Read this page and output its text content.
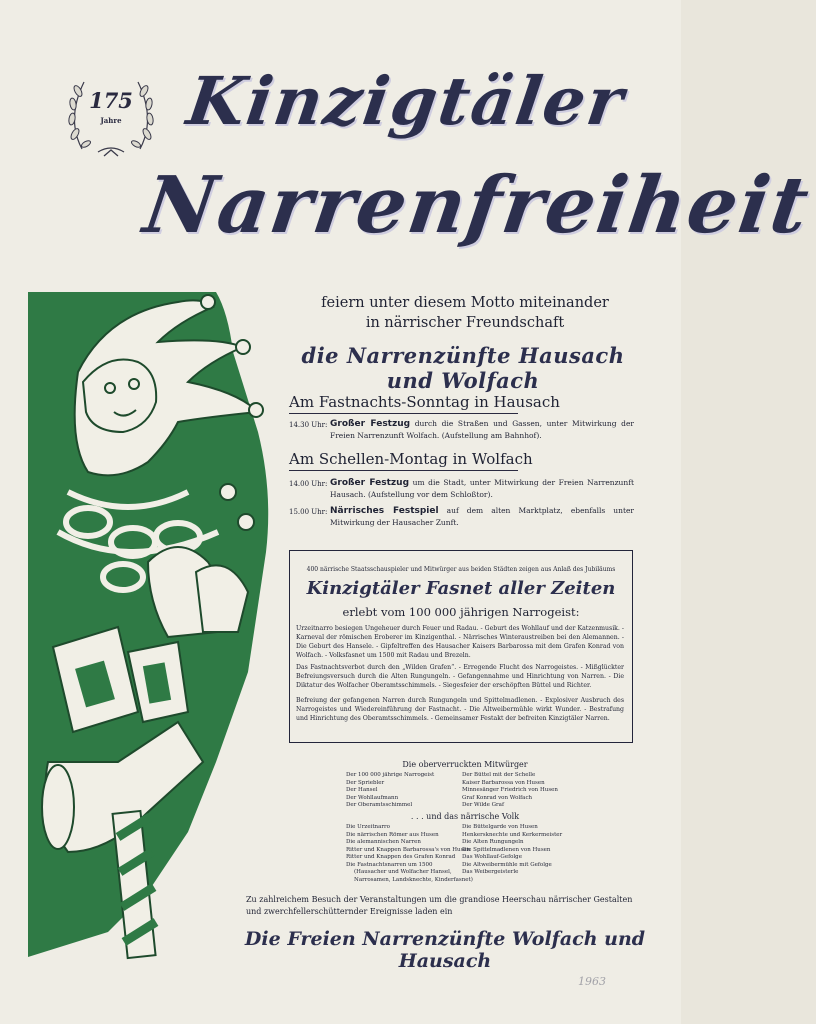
175
Jahre Kinzigtäler
Narrenfreiheit
feiern unter diesem Motto miteinander
in närrischer Freundschaft
die Narrenzünfte Hausach und Wolfach
Am Fastnachts-Sonntag in Hausach
14.30 Uhr: Großer Festzug durch die Straßen und Gassen, unter Mitwirkung der Freien Narrenzunft Wolfach. (Aufstellung am Bahnhof).
Am Schellen-Montag in Wolfach
14.00 Uhr: Großer Festzug um die Stadt, unter Mitwirkung der Freien Narrenzunft Hausach. (Aufstellung vor dem Schloßtor).
15.00 Uhr: Närrisches Festspiel auf dem alten Marktplatz, ebenfalls unter Mitwirkung der Hausacher Zunft.
400 närrische Staatsschauspieler und Mitwürger aus beiden Städten zeigen aus Anlaß des Jubiläums
Kinzigtäler Fasnet aller Zeiten
erlebt vom 100 000 jährigen Narrogeist:
Urzeitnarro besiegen Ungeheuer durch Feuer und Radau. - Geburt des Wohllauf und der Katzenmusik. - Karneval der römischen Eroberer im Kinzigenthal. - Närrisches Winteraustreiben bei den Alemannen. - Die Geburt des Hansele. - Gipfeltreffen des Hausacher Kaisers Barbarossa mit dem Grafen Konrad von Wolfach. - Volksfasnet um 1500 mit Radau und Brezeln.
Das Fastnachtsverbot durch den „Wilden Grafen“. - Erregende Flucht des Narrogeistes. - Mißglückter Befreiungsversuch durch die Alten Rungungeln. - Gefangennahme und Hinrichtung von Narren. - Die Diktatur des Wolfacher Oberamtsschimmels. - Siegesfeier der erschöpften Büttel und Richter.
Befreiung der gefangenen Narren durch Rungungeln und Spittelmadlenen. - Explosiver Ausbruch des Narrogeistes und Wiedereinführung der Fastnacht. - Die Altweibermühle wirkt Wunder. - Bestrafung und Hinrichtung des Oberamtsschimmels. - Gemeinsamer Festakt der befreiten Kinzigtäler Narren.
Die oberverruckten Mitwürger
Der 100 000 jährige Narrogeist
Der Spriebler
Der Hansel
Der Wohllaufmann
Der Oberamtsschimmel
Der Büttel mit der Schelle
Kaiser Barbarossa von Husen
Minnesänger Friedrich von Husen
Graf Konrad von Wolfach
Der Wilde Graf
. . . und das närrische Volk
Die Urzeitnarro
Die närrischen Römer aus Husen
Die alemannischen Narren
Ritter und Knappen Barbarossa's von Husen
Ritter und Knappen des Grafen Konrad
Die Fastnachtsnarren um 1500
(Hausacher und Wolfacher Hansel,
Narrosamen, Landsknechte, Kinderfasnet)
Die Büttelgarde von Husen
Henkersknechte und Kerkermeister
Die Alten Rungungeln
Die Spittelmadlenen von Husen
Das Wohllauf-Gefolge
Die Altweibermühle mit Gefolge
Das Weibergeisterle
Zu zahlreichem Besuch der Veranstaltungen um die grandiose Heerschau närrischer Gestalten und zwerchfellerschütternder Ereignisse laden ein
Die Freien Narrenzünfte Wolfach und Hausach
1963
